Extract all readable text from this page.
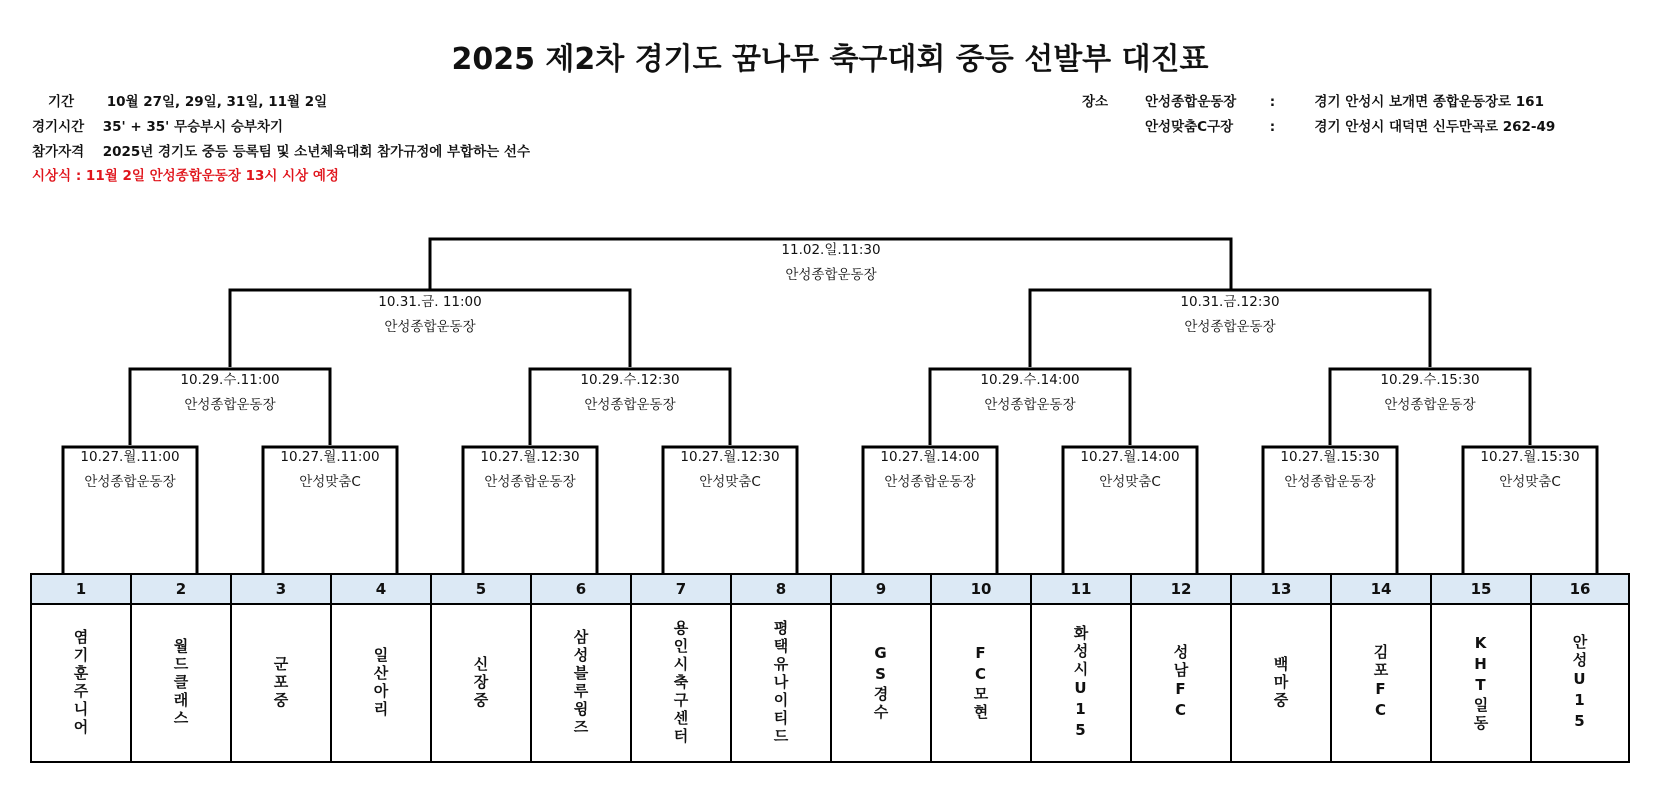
2025 제2차 경기도 꿈나무 축구대회 중등 선발부 대진표
기간 10월 27일, 29일, 31일, 11월 2일
경기시간 35' + 35' 무승부시 승부차기
참가자격 2025년 경기도 중등 등록팀 및 소년체육대회 참가규정에 부합하는 선수
시상식 : 11월 2일 안성종합운동장 13시 시상 예정
장소	안성종합운동장 :	경기 안성시 보개면 종합운동장로 161
안성맞춤C구장	:	경기 안성시 대덕면 신두만곡로 262-49
11.02.일.11:30
안성종합운동장
10.31.금. 11:00
안성종합운동장
10.31.금.12:30
안성종합운동장
10.29.수.11:00
안성종합운동장
10.29.수.12:30
안성종합운동장
10.29.수.14:00
안성종합운동장
10.29.수.15:30
안성종합운동장
10.27.월.11:00
안성종합운동장
10.27.월.11:00
안성맞춤C
10.27.월.12:30
안성종합운동장
10.27.월.12:30
안성맞춤C
10.27.월.14:00
안성종합운동장
10.27.월.14:00
안성맞춤C
10.27.월.15:30
안성종합운동장
10.27.월.15:30
안성맞춤C
1
염기훈주니어
2
월드클래스
3
군포중
4
일산아리
5
신장중
6
삼성블루윙즈
7
용인시축구센터
8
평택유나이티드
9
GS경수
10
FC모현
11
화성시U15
12
성남FC
13
백마중
14
김포FC
15
KHT일동
16
안성U15
